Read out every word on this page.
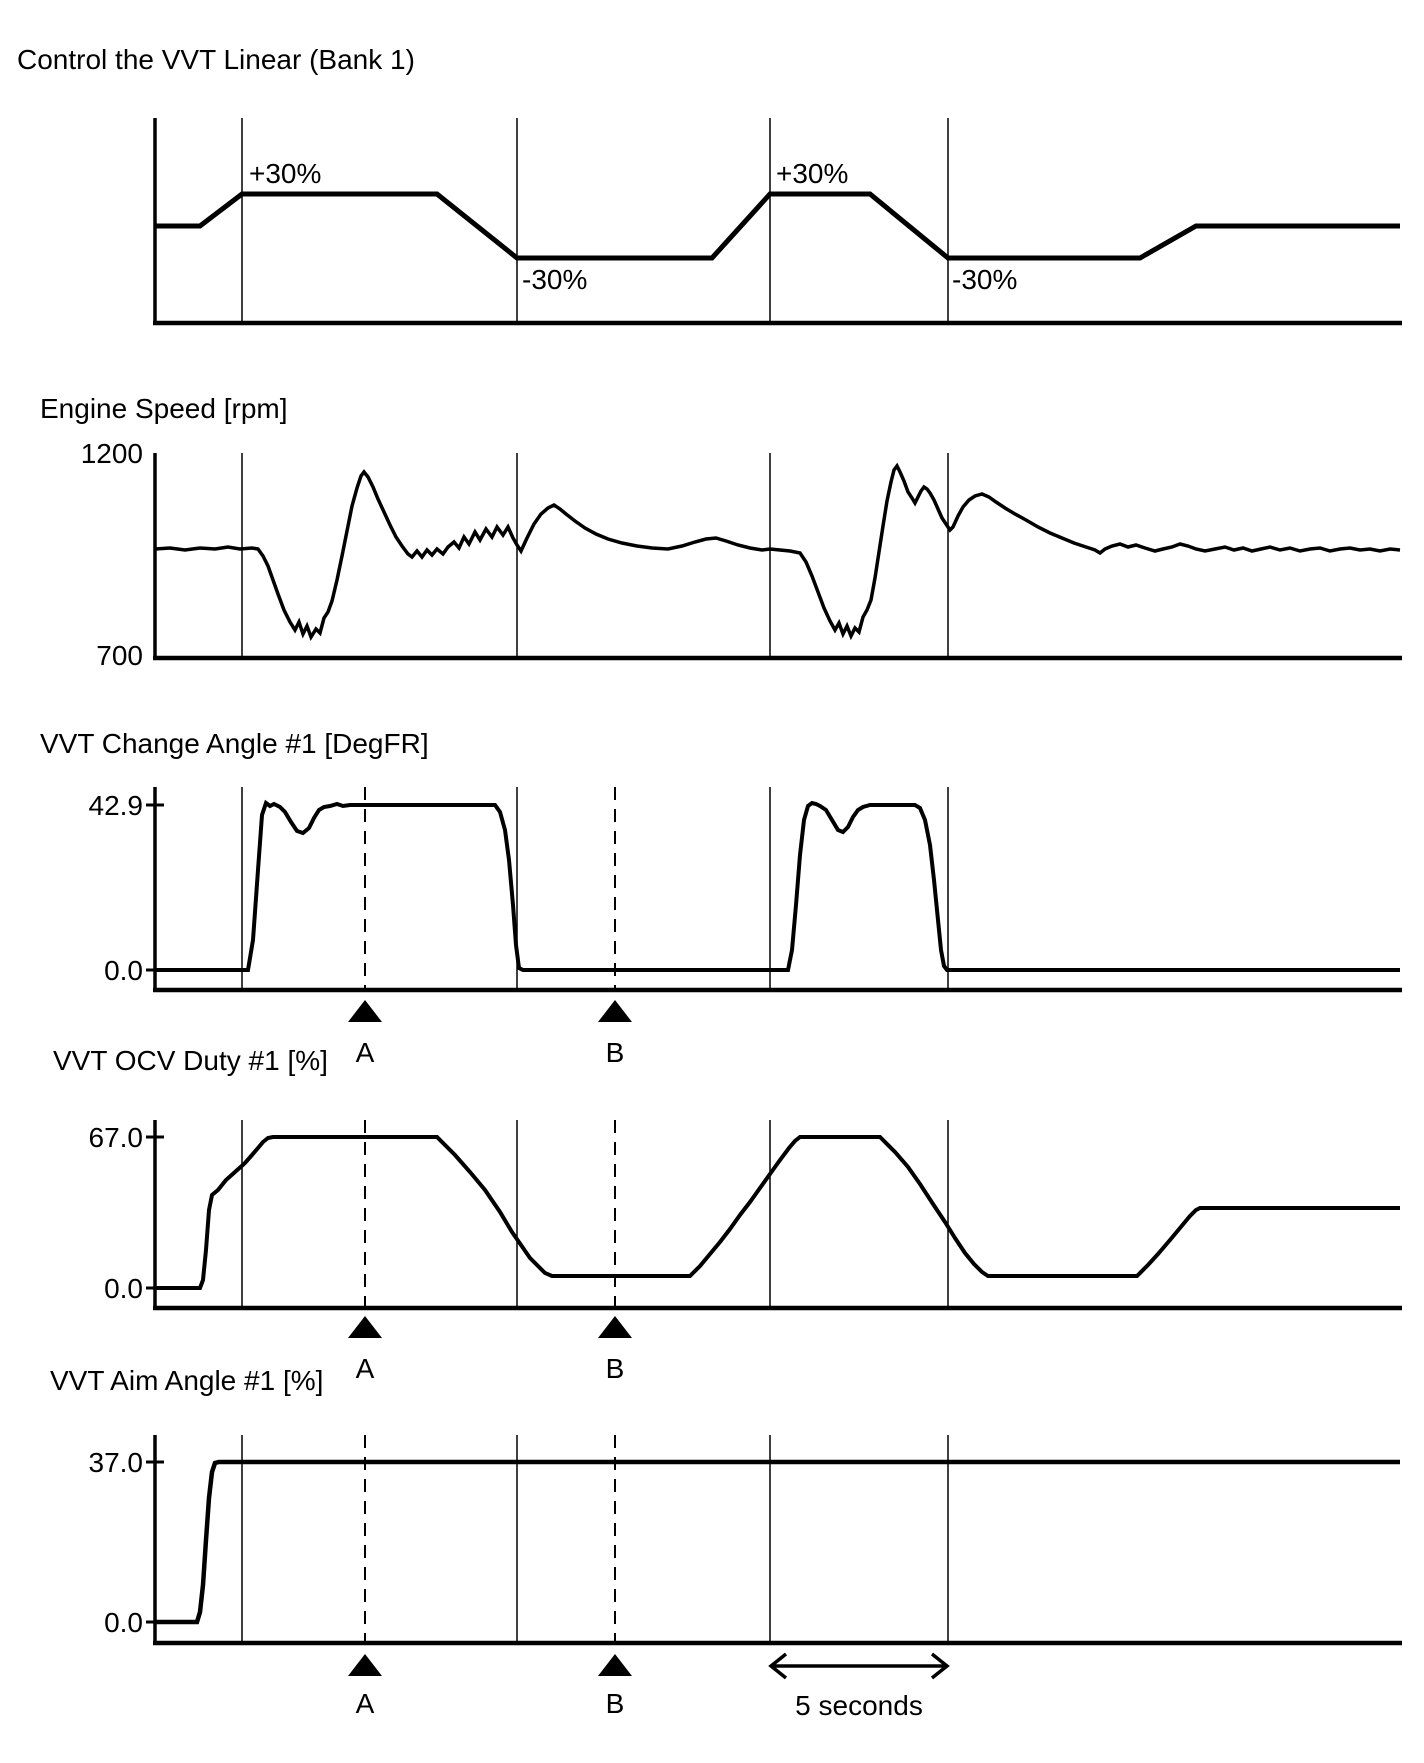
Control the VVT Linear (Bank 1)
Engine Speed [rpm]
VVT Change Angle #1 [DegFR]
VVT OCV Duty #1 [%]
VVT Aim Angle #1 [%]
+30%
-30%
+30%
-30%
1200
700
42.9
0.0
67.0
0.0
37.0
0.0
A	B
A	B
A	B	5 seconds
